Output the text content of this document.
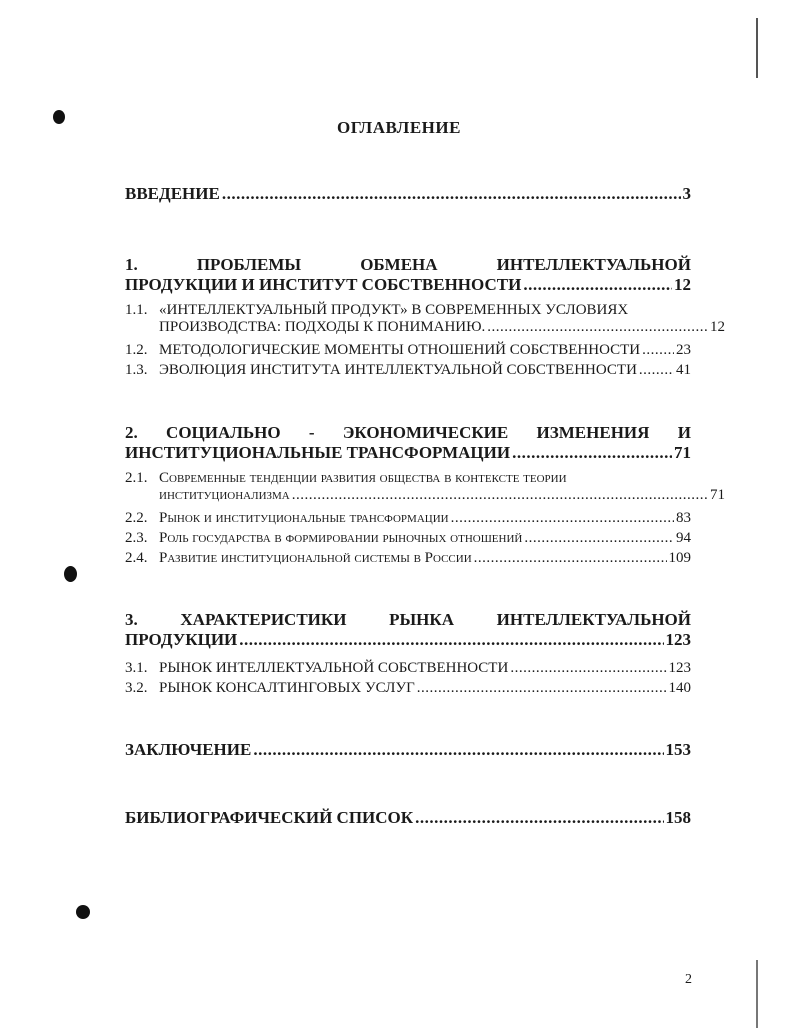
ОГЛАВЛЕНИЕ
ВВЕДЕНИЕ .....	3
1.	ПРОБЛЕМЫ	ОБМЕНА	ИНТЕЛЛЕКТУАЛЬНОЙ
ПРОДУКЦИИ И ИНСТИТУТ СОБСТВЕННОСТИ .....	12
1.1. «ИНТЕЛЛЕКТУАЛЬНЫЙ ПРОДУКТ» В СОВРЕМЕННЫХ УСЛОВИЯХ
ПРОИЗВОДСТВА: ПОДХОДЫ К ПОНИМАНИЮ. .....	12
1.2. МЕТОДОЛОГИЧЕСКИЕ МОМЕНТЫ ОТНОШЕНИЙ СОБСТВЕННОСТИ ..... 23
1.3. ЭВОЛЮЦИЯ ИНСТИТУТА ИНТЕЛЛЕКТУАЛЬНОЙ СОБСТВЕННОСТИ .....	41
2. СОЦИАЛЬНО - ЭКОНОМИЧЕСКИЕ ИЗМЕНЕНИЯ И
ИНСТИТУЦИОНАЛЬНЫЕ ТРАНСФОРМАЦИИ .....	71
2.1. Современные тенденции развития общества в контексте теории
институционализма .....	71
2.2. Рынок и институциональные трансформации .....	83
2.3. Роль государства в формировании рыночных отношений .....	94
2.4. Развитие институциональной системы в России .....	109
3.	ХАРАКТЕРИСТИКИ	РЫНКА	ИНТЕЛЛЕКТУАЛЬНОЙ
ПРОДУКЦИИ .....	123
3.1. РЫНОК ИНТЕЛЛЕКТУАЛЬНОЙ СОБСТВЕННОСТИ .....	123
3.2. РЫНОК КОНСАЛТИНГОВЫХ УСЛУГ .....	140
ЗАКЛЮЧЕНИЕ .....	153
БИБЛИОГРАФИЧЕСКИЙ СПИСОК .....	158
2
